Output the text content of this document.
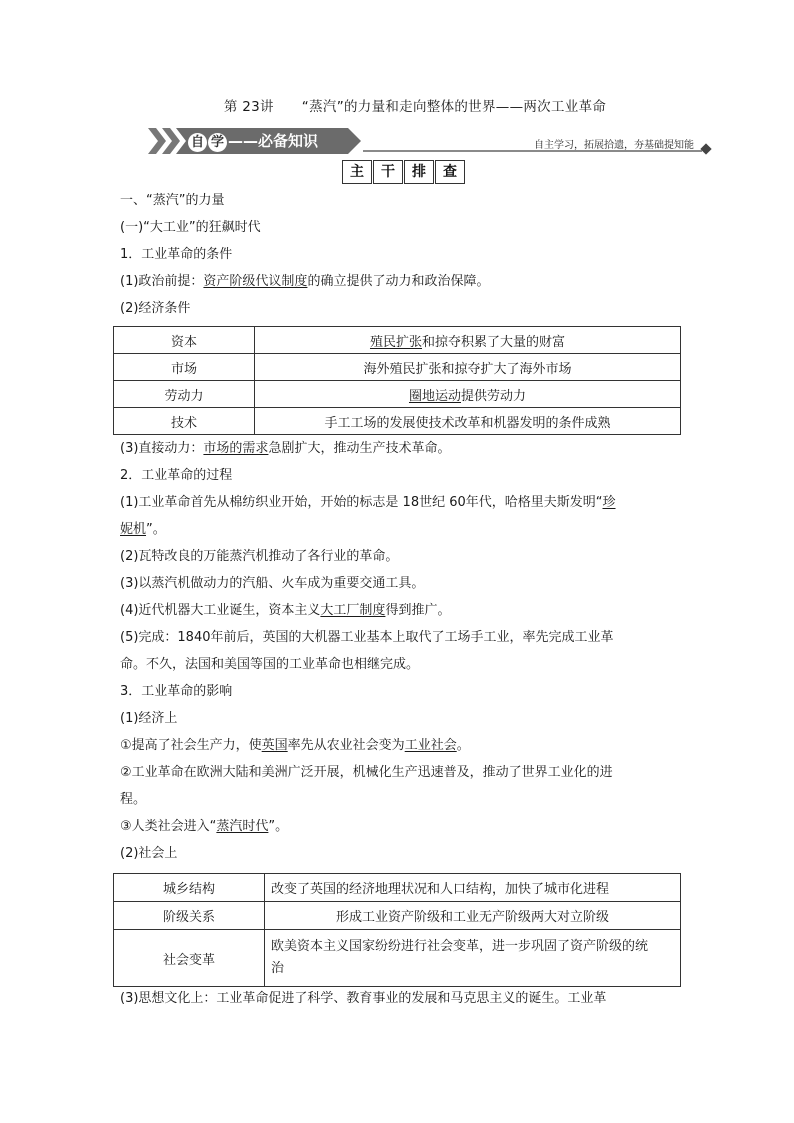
第 23讲 “蒸汽”的力量和走向整体的世界——两次工业革命
自 学 ——必备知识	自主学习，拓展拾遗，夯基础提知能
主 干 排 查
一、“蒸汽”的力量
(一)“大工业”的狂飙时代
1．工业革命的条件
(1)政治前提：资产阶级代议制度的确立提供了动力和政治保障。
(2)经济条件
资本	殖民扩张和掠夺积累了大量的财富
市场	海外殖民扩张和掠夺扩大了海外市场
劳动力	圈地运动提供劳动力
技术	手工工场的发展使技术改革和机器发明的条件成熟
(3)直接动力：市场的需求急剧扩大，推动生产技术革命。
2．工业革命的过程
(1)工业革命首先从棉纺织业开始，开始的标志是 18世纪 60年代，哈格里夫斯发明“珍
妮机”。
(2)瓦特改良的万能蒸汽机推动了各行业的革命。
(3)以蒸汽机做动力的汽船、火车成为重要交通工具。
(4)近代机器大工业诞生，资本主义大工厂制度得到推广。
(5)完成：1840年前后，英国的大机器工业基本上取代了工场手工业，率先完成工业革
命。不久，法国和美国等国的工业革命也相继完成。
3．工业革命的影响
(1)经济上
①提高了社会生产力，使英国率先从农业社会变为工业社会。
②工业革命在欧洲大陆和美洲广泛开展，机械化生产迅速普及，推动了世界工业化的进
程。
③人类社会进入“蒸汽时代”。
(2)社会上
城乡结构	改变了英国的经济地理状况和人口结构，加快了城市化进程
阶级关系	形成工业资产阶级和工业无产阶级两大对立阶级
社会变革	欧美资本主义国家纷纷进行社会变革，进一步巩固了资产阶级的统
治
(3)思想文化上：工业革命促进了科学、教育事业的发展和马克思主义的诞生。工业革
